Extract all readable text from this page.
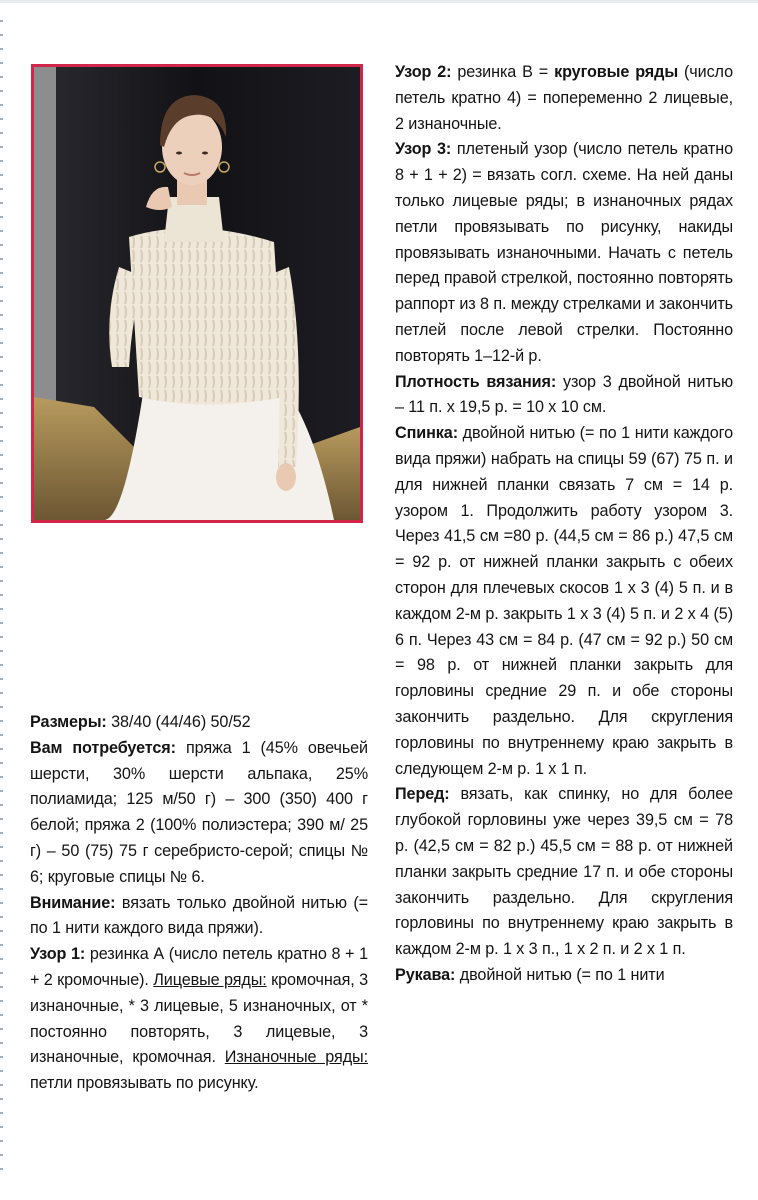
Размеры: 38/40 (44/46) 50/52

Вам потребуется: пряжа 1 (45% овечьей шерсти, 30% шерсти альпака, 25% полиамида; 125 м/50 г) – 300 (350) 400 г белой; пряжа 2 (100% полиэстера; 390 м/ 25 г) – 50 (75) 75 г серебристо-серой; спицы № 6; круговые спицы № 6.

Внимание: вязать только двойной нитью (= по 1 нити каждого вида пряжи).

Узор 1: резинка А (число петель кратно 8 + 1 + 2 кромочные). Лицевые ряды: кромочная, 3 изнаночные, * 3 лицевые, 5 изнаночных, от * постоянно повторять, 3 лицевые, 3 изнаночные, кромочная. Изнаночные ряды: петли провязывать по рисунку.

Узор 2: резинка В = круговые ряды (число петель кратно 4) = попеременно 2 лицевые, 2 изнаночные.

Узор 3: плетеный узор (число петель кратно 8 + 1 + 2) = вязать согл. схеме. На ней даны только лицевые ряды; в изнаночных рядах петли провязывать по рисунку, накиды провязывать изнаночными. Начать с петель перед правой стрелкой, постоянно повторять раппорт из 8 п. между стрелками и закончить петлей после левой стрелки. Постоянно повторять 1–12-й р.

Плотность вязания: узор 3 двойной нитью – 11 п. х 19,5 р. = 10 х 10 см.

Спинка: двойной нитью (= по 1 нити каждого вида пряжи) набрать на спицы 59 (67) 75 п. и для нижней планки связать 7 см = 14 р. узором 1. Продолжить работу узором 3. Через 41,5 см =80 р. (44,5 см = 86 р.) 47,5 см = 92 р. от нижней планки закрыть с обеих сторон для плечевых скосов 1 х 3 (4) 5 п. и в каждом 2-м р. закрыть 1 х 3 (4) 5 п. и 2 х 4 (5) 6 п. Через 43 см = 84 р. (47 см = 92 р.) 50 см = 98 р. от нижней планки закрыть для горловины средние 29 п. и обе стороны закончить раздельно. Для скругления горловины по внутреннему краю закрыть в следующем 2-м р. 1 х 1 п.

Перед: вязать, как спинку, но для более глубокой горловины уже через 39,5 см = 78 р. (42,5 см = 82 р.) 45,5 см = 88 р. от нижней планки закрыть средние 17 п. и обе стороны закончить раздельно. Для скругления горловины по внутреннему краю закрыть в каждом 2-м р. 1 х 3 п., 1 х 2 п. и 2 х 1 п.

Рукава: двойной нитью (= по 1 нити
